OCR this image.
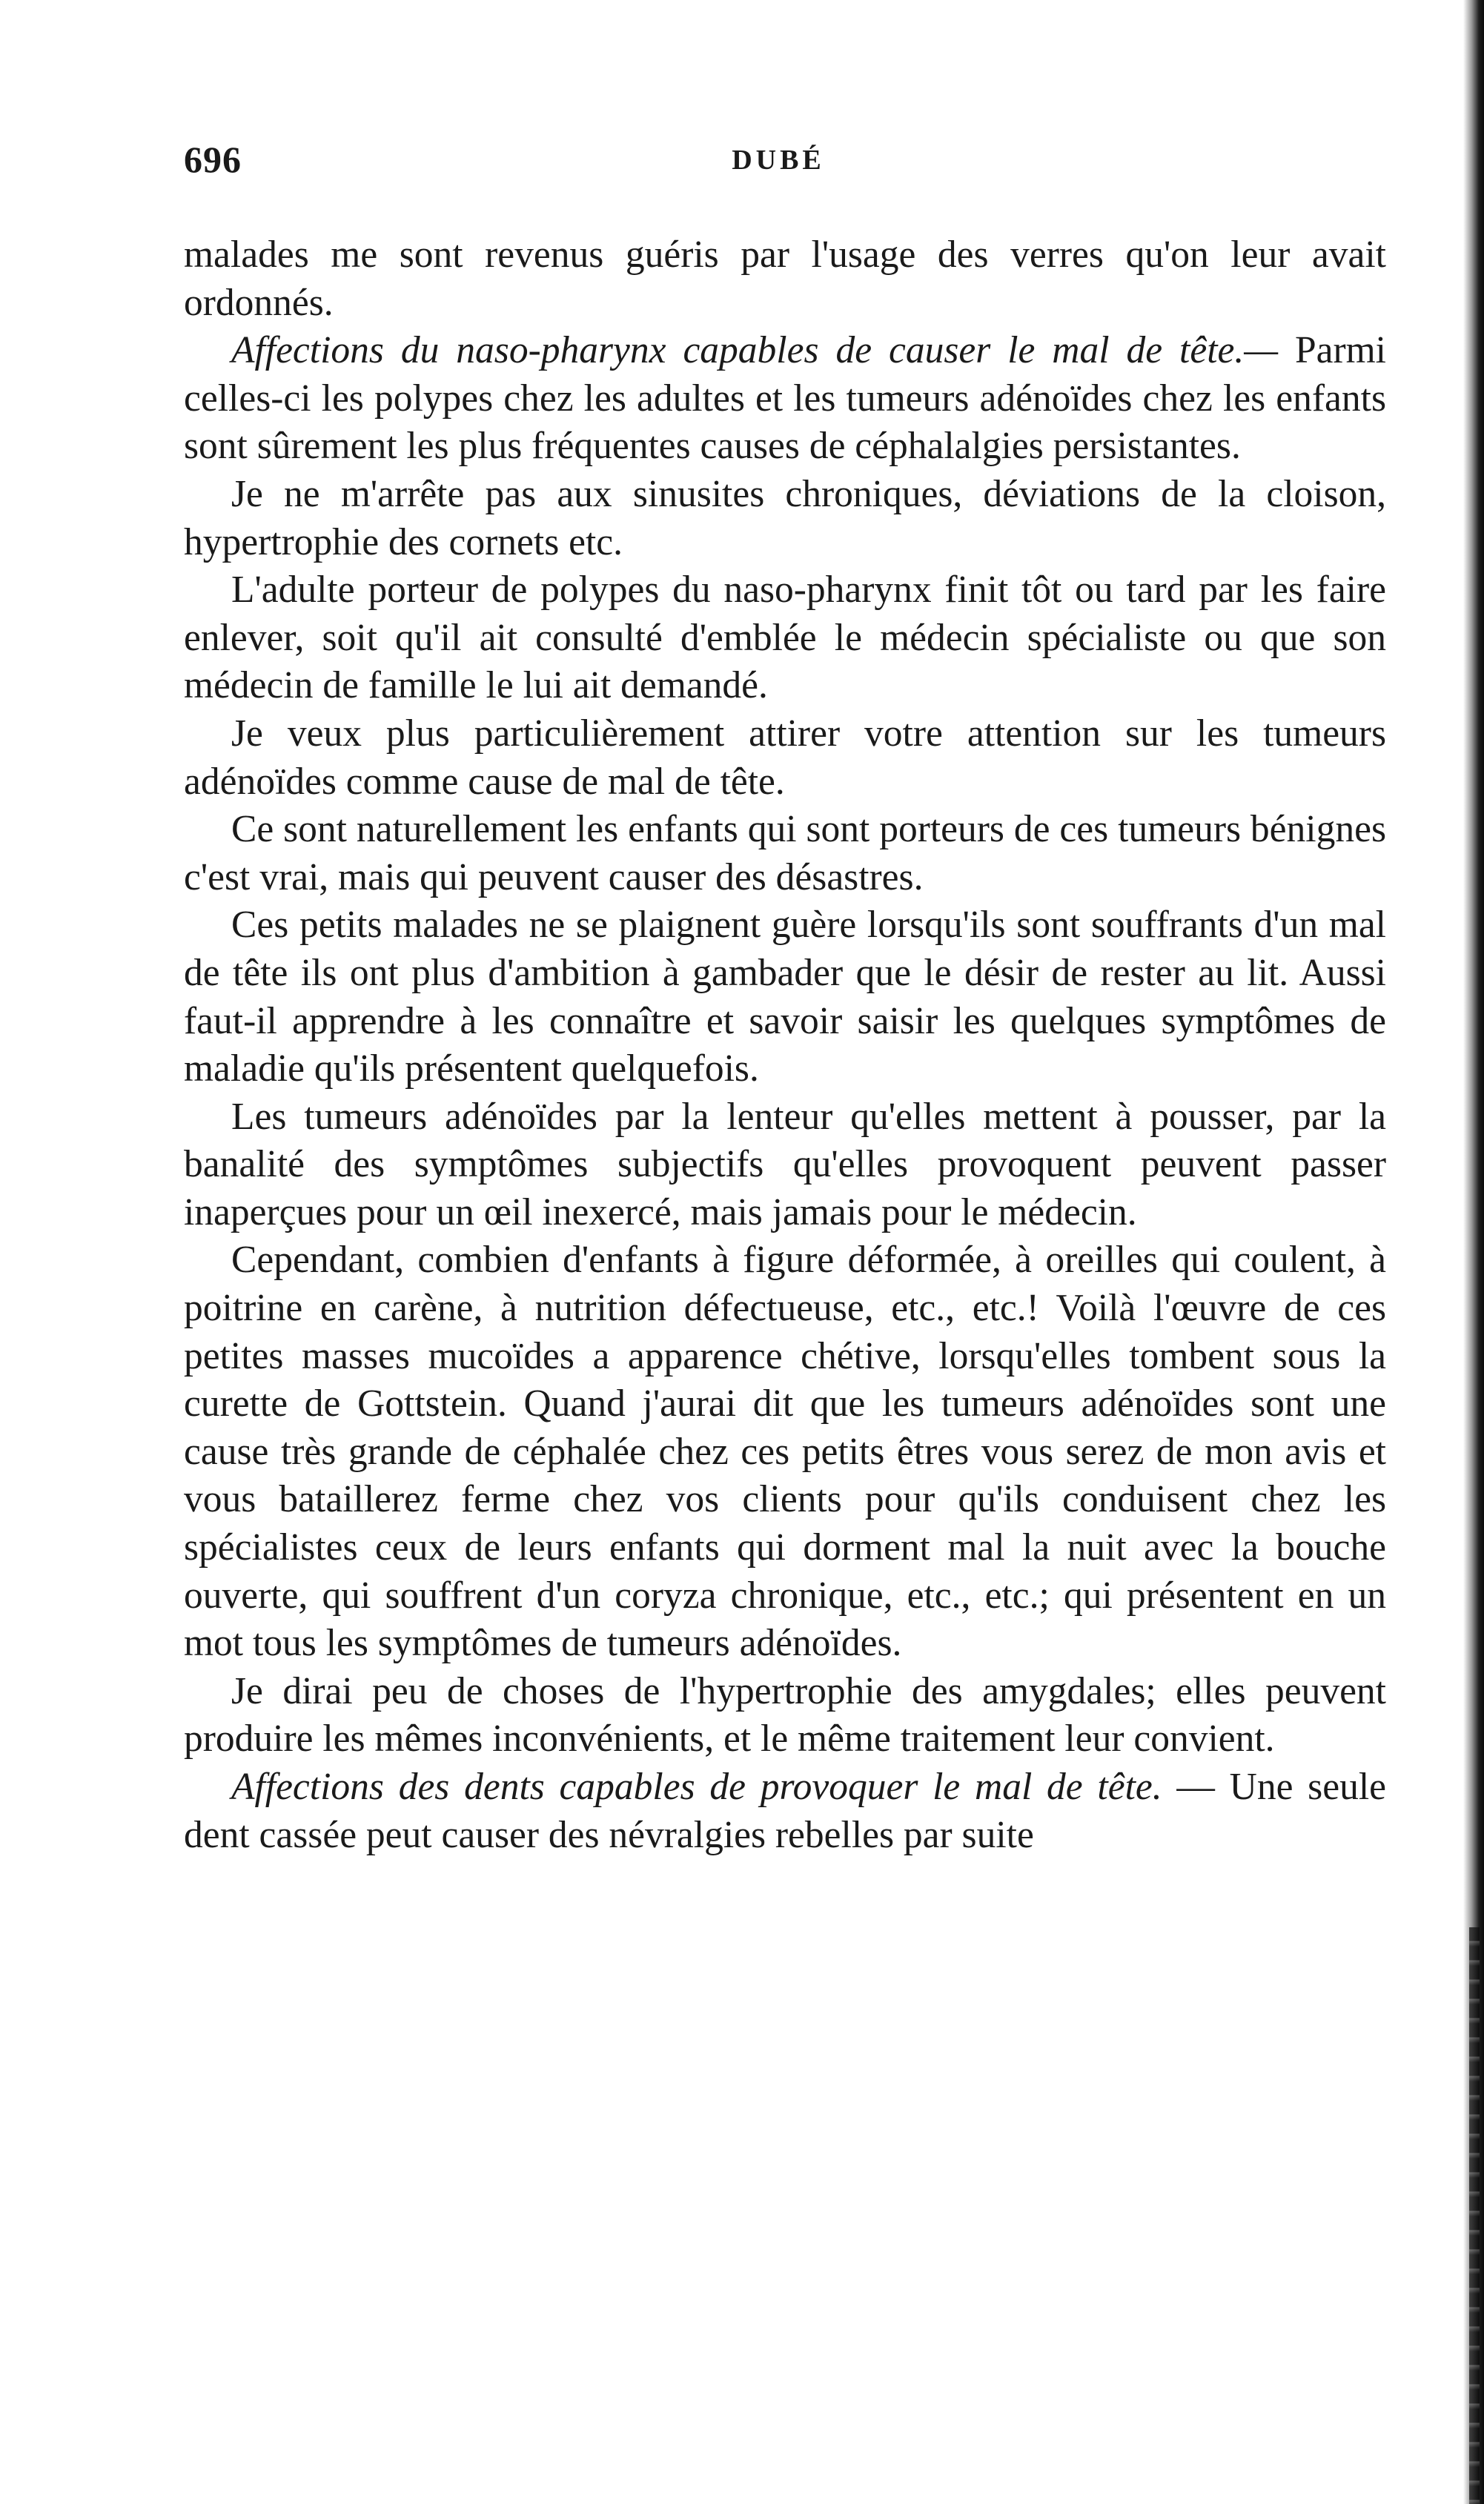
696	DUBÉ

malades me sont revenus guéris par l'usage des verres qu'on leur avait ordonnés.

Affections du naso-pharynx capables de causer le mal de tête.— Parmi celles-ci les polypes chez les adultes et les tumeurs adénoïdes chez les enfants sont sûrement les plus fréquentes causes de céphalalgies persistantes.

Je ne m'arrête pas aux sinusites chroniques, déviations de la cloison, hypertrophie des cornets etc.

L'adulte porteur de polypes du naso-pharynx finit tôt ou tard par les faire enlever, soit qu'il ait consulté d'emblée le médecin spécialiste ou que son médecin de famille le lui ait demandé.

Je veux plus particulièrement attirer votre attention sur les tumeurs adénoïdes comme cause de mal de tête.

Ce sont naturellement les enfants qui sont porteurs de ces tumeurs bénignes c'est vrai, mais qui peuvent causer des désastres.

Ces petits malades ne se plaignent guère lorsqu'ils sont souffrants d'un mal de tête ils ont plus d'ambition à gambader que le désir de rester au lit. Aussi faut-il apprendre à les connaître et savoir saisir les quelques symptômes de maladie qu'ils présentent quelquefois.

Les tumeurs adénoïdes par la lenteur qu'elles mettent à pousser, par la banalité des symptômes subjectifs qu'elles provoquent peuvent passer inaperçues pour un œil inexercé, mais jamais pour le médecin.

Cependant, combien d'enfants à figure déformée, à oreilles qui coulent, à poitrine en carène, à nutrition défectueuse, etc., etc.! Voilà l'œuvre de ces petites masses mucoïdes a apparence chétive, lorsqu'elles tombent sous la curette de Gottstein. Quand j'aurai dit que les tumeurs adénoïdes sont une cause très grande de céphalée chez ces petits êtres vous serez de mon avis et vous bataillerez ferme chez vos clients pour qu'ils conduisent chez les spécialistes ceux de leurs enfants qui dorment mal la nuit avec la bouche ouverte, qui souffrent d'un coryza chronique, etc., etc.; qui présentent en un mot tous les symptômes de tumeurs adénoïdes.

Je dirai peu de choses de l'hypertrophie des amygdales; elles peuvent produire les mêmes inconvénients, et le même traitement leur convient.

Affections des dents capables de provoquer le mal de tête. — Une seule dent cassée peut causer des névralgies rebelles par suite
